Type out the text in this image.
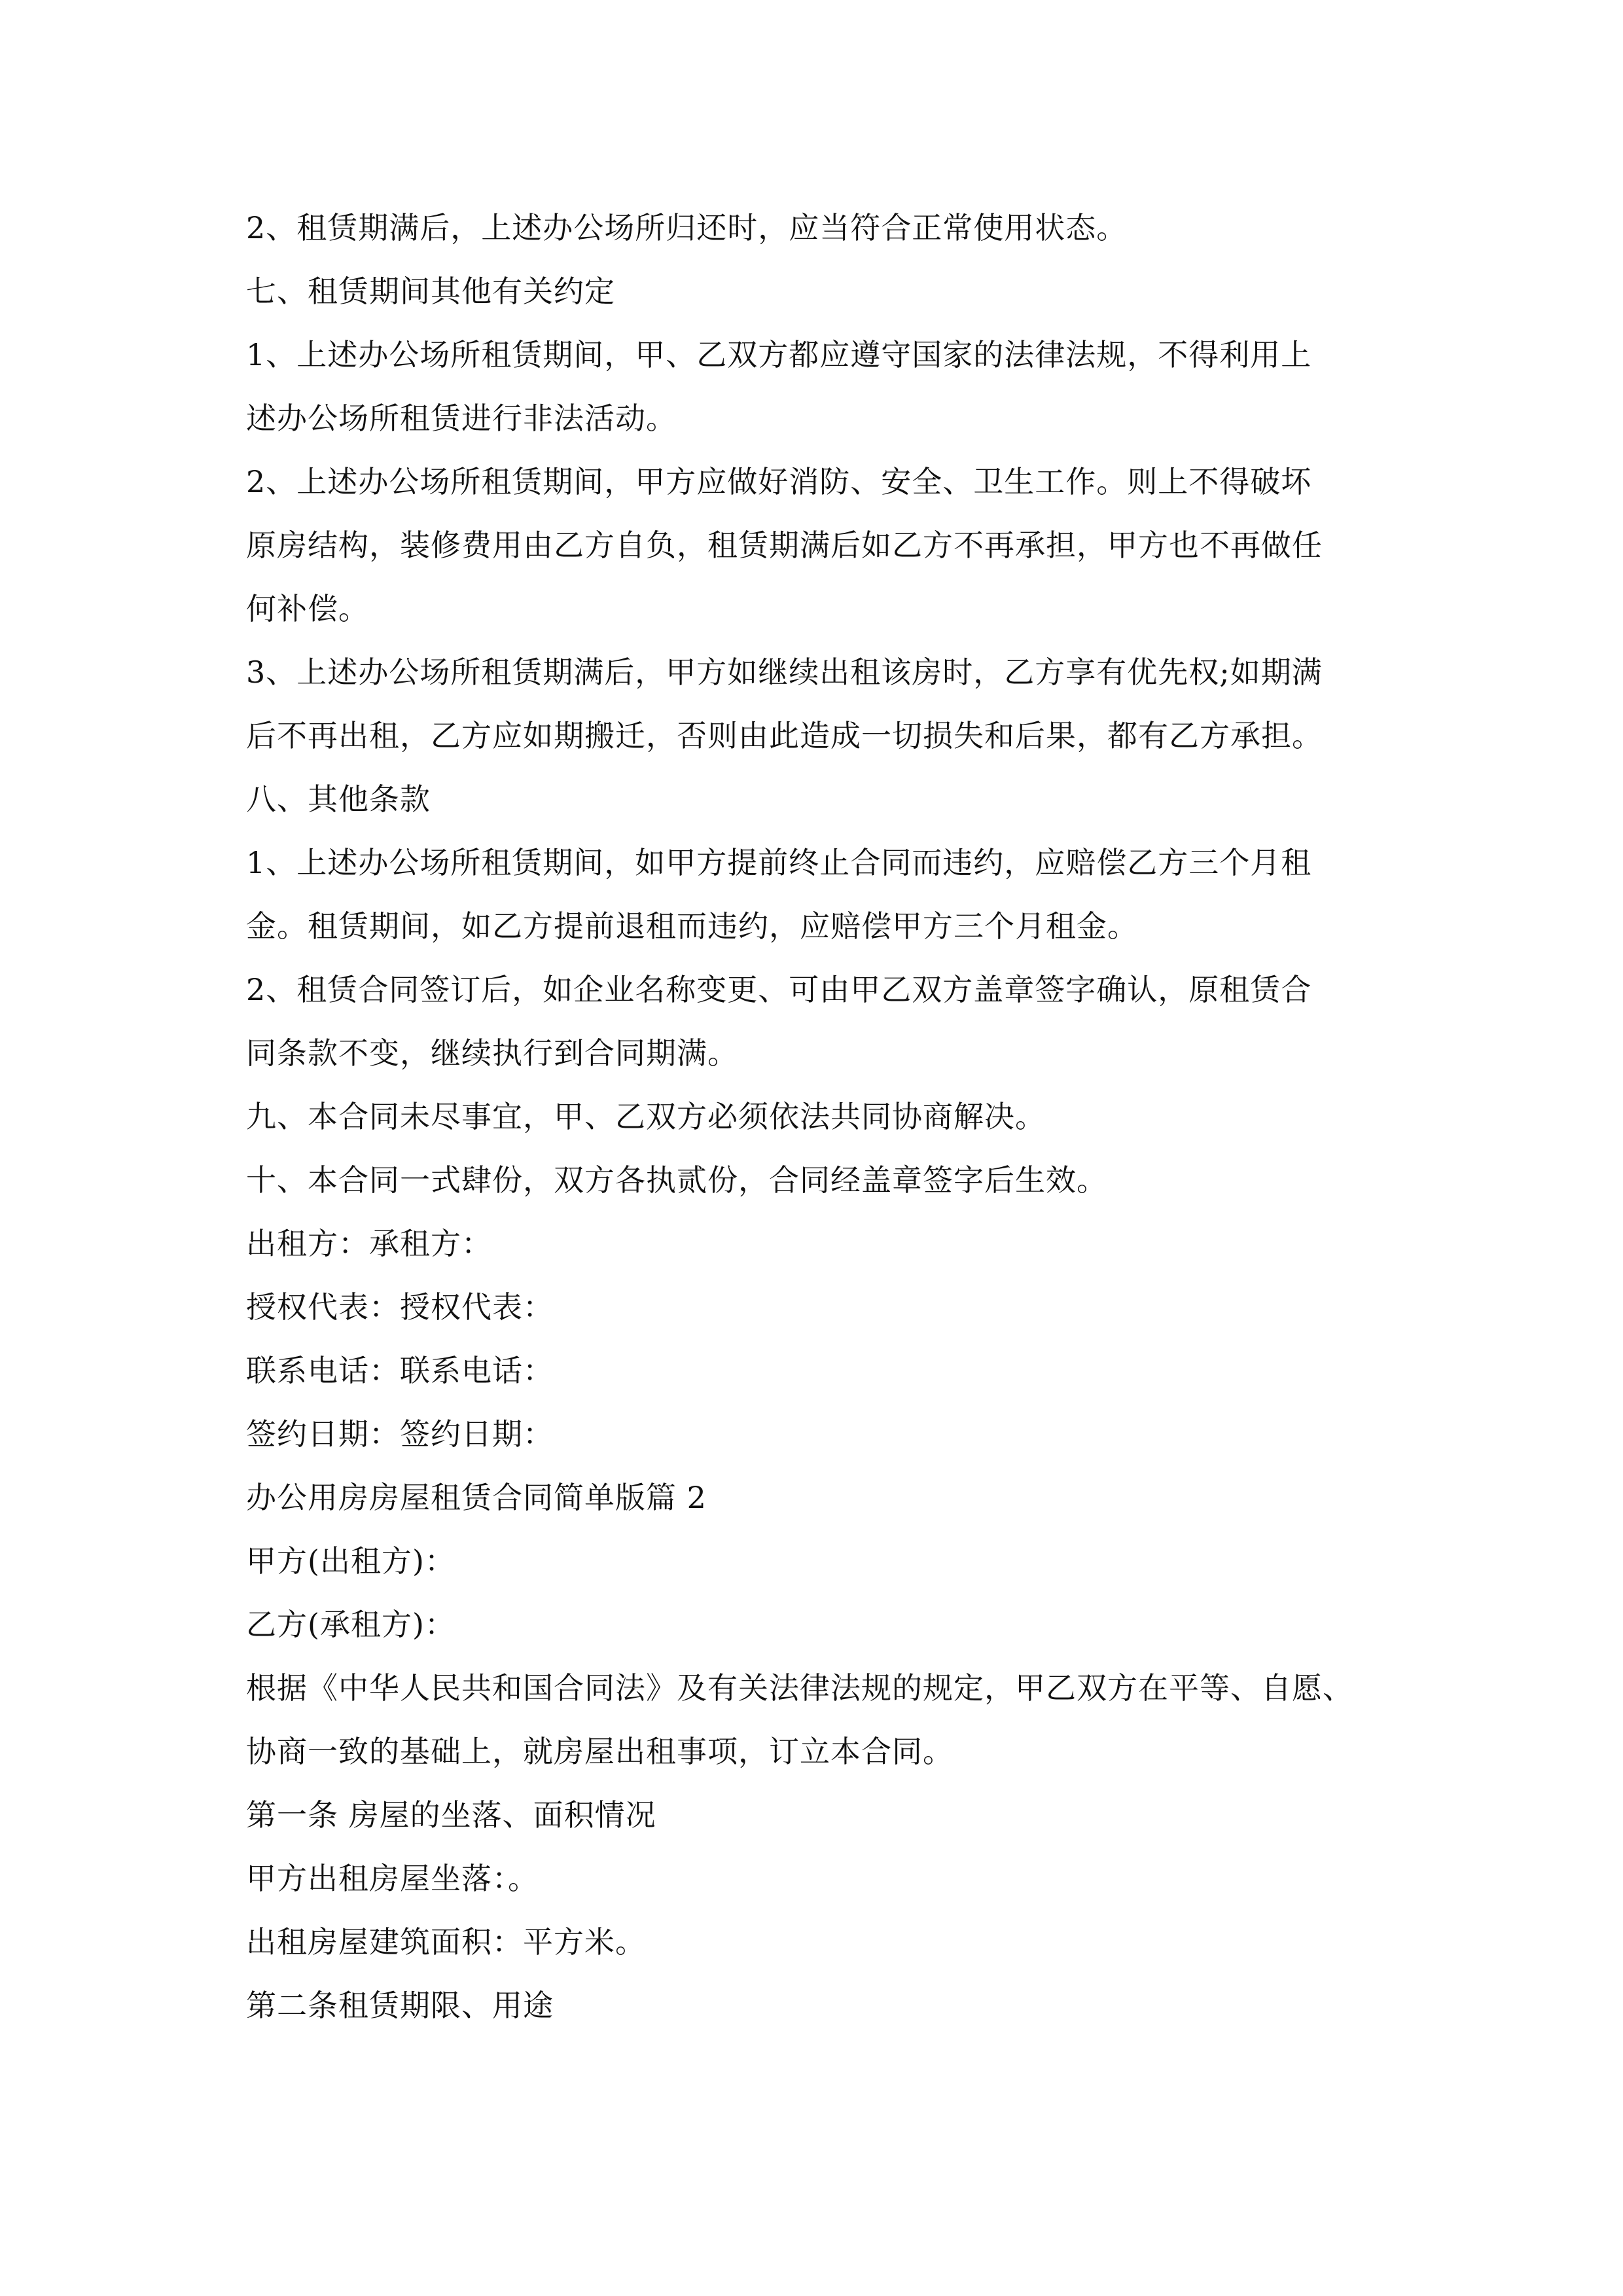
2、租赁期满后，上述办公场所归还时，应当符合正常使用状态。
七、租赁期间其他有关约定
1、上述办公场所租赁期间，甲、乙双方都应遵守国家的法律法规，不得利用上
述办公场所租赁进行非法活动。
2、上述办公场所租赁期间，甲方应做好消防、安全、卫生工作。则上不得破坏
原房结构，装修费用由乙方自负，租赁期满后如乙方不再承担，甲方也不再做任
何补偿。
3、上述办公场所租赁期满后，甲方如继续出租该房时，乙方享有优先权;如期满
后不再出租，乙方应如期搬迁，否则由此造成一切损失和后果，都有乙方承担。
八、其他条款
1、上述办公场所租赁期间，如甲方提前终止合同而违约，应赔偿乙方三个月租
金。租赁期间，如乙方提前退租而违约，应赔偿甲方三个月租金。
2、租赁合同签订后，如企业名称变更、可由甲乙双方盖章签字确认，原租赁合
同条款不变，继续执行到合同期满。
九、本合同未尽事宜，甲、乙双方必须依法共同协商解决。
十、本合同一式肆份，双方各执贰份，合同经盖章签字后生效。
出租方：承租方：
授权代表：授权代表：
联系电话：联系电话：
签约日期：签约日期：
办公用房房屋租赁合同简单版篇 2
甲方(出租方)：
乙方(承租方)：
根据《中华人民共和国合同法》及有关法律法规的规定，甲乙双方在平等、自愿、
协商一致的基础上，就房屋出租事项，订立本合同。
第一条 房屋的坐落、面积情况
甲方出租房屋坐落：。
出租房屋建筑面积：平方米。
第二条租赁期限、用途
